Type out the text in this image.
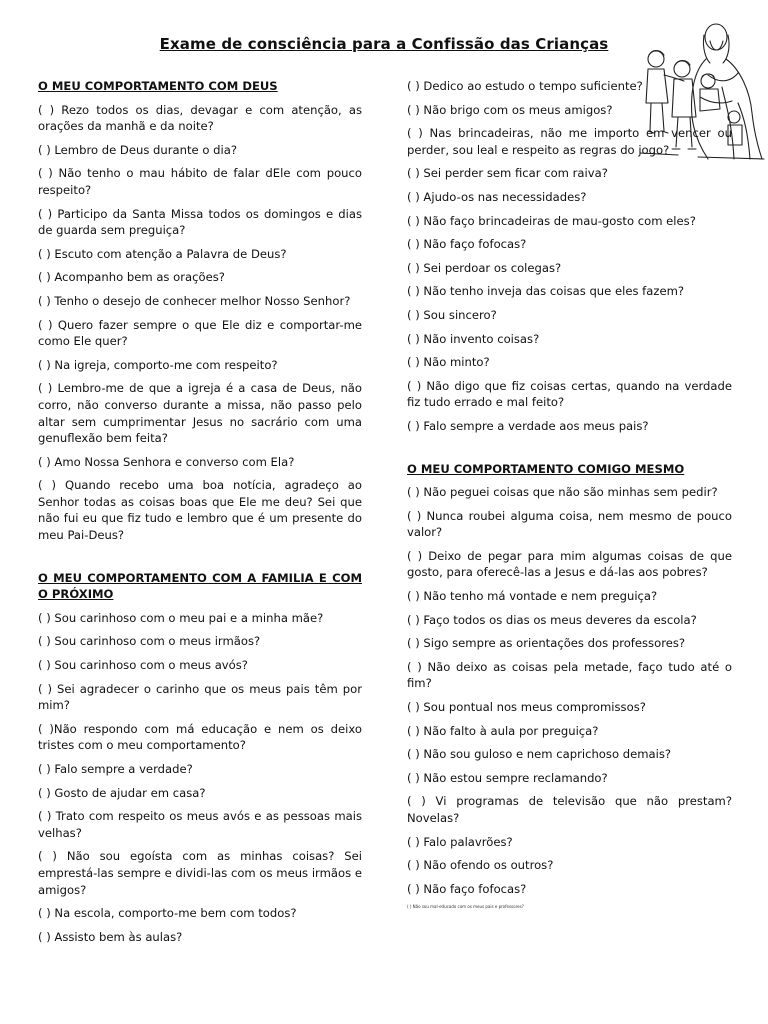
Exame de consciência para a Confissão das Crianças
O MEU COMPORTAMENTO COM DEUS

( ) Rezo todos os dias, devagar e com atenção, as orações da manhã e da noite?

( ) Lembro de Deus durante o dia?

( ) Não tenho o mau hábito de falar dEle com pouco respeito?

( ) Participo da Santa Missa todos os domingos e dias de guarda sem preguiça?

( ) Escuto com atenção a Palavra de Deus?

( ) Acompanho bem as orações?

( ) Tenho o desejo de conhecer melhor Nosso Senhor?

( ) Quero fazer sempre o que Ele diz e comportar-me como Ele quer?

( ) Na igreja, comporto-me com respeito?

( ) Lembro-me de que a igreja é a casa de Deus, não corro, não converso durante a missa, não passo pelo altar sem cumprimentar Jesus no sacrário com uma genuflexão bem feita?

( ) Amo Nossa Senhora e converso com Ela?

( ) Quando recebo uma boa notícia, agradeço ao Senhor todas as coisas boas que Ele me deu? Sei que não fui eu que fiz tudo e lembro que é um presente do meu Pai-Deus?

O MEU COMPORTAMENTO COM A FAMILIA E COM O PRÓXIMO

( ) Sou carinhoso com o meu pai e a minha mãe?

( ) Sou carinhoso com o meus irmãos?

( ) Sou carinhoso com o meus avós?

( ) Sei agradecer o carinho que os meus pais têm por mim?

( )Não respondo com má educação e nem os deixo tristes com o meu comportamento?

( ) Falo sempre a verdade?

( ) Gosto de ajudar em casa?

( ) Trato com respeito os meus avós e as pessoas mais velhas?

( ) Não sou egoísta com as minhas coisas? Sei emprestá-las sempre e dividi-las com os meus irmãos e amigos?

( ) Na escola, comporto-me bem com todos?

( ) Assisto bem às aulas?

( ) Dedico ao estudo o tempo suficiente?

( ) Não brigo com os meus amigos?

( ) Nas brincadeiras, não me importo em vencer ou perder, sou leal e respeito as regras do jogo?

( ) Sei perder sem ficar com raiva?

( ) Ajudo-os nas necessidades?

( ) Não faço brincadeiras de mau-gosto com eles?

( ) Não faço fofocas?

( ) Sei perdoar os colegas?

( ) Não tenho inveja das coisas que eles fazem?

( ) Sou sincero?

( ) Não invento coisas?

( ) Não minto?

( ) Não digo que fiz coisas certas, quando na verdade fiz tudo errado e mal feito?

( ) Falo sempre a verdade aos meus pais?

O MEU COMPORTAMENTO COMIGO MESMO

( ) Não peguei coisas que não são minhas sem pedir?

( ) Nunca roubei alguma coisa, nem mesmo de pouco valor?

( ) Deixo de pegar para mim algumas coisas de que gosto, para oferecê-las a Jesus e dá-las aos pobres?

( ) Não tenho má vontade e nem preguiça?

( ) Faço todos os dias os meus deveres da escola?

( ) Sigo sempre as orientações dos professores?

( ) Não deixo as coisas pela metade, faço tudo até o fim?

( ) Sou pontual nos meus compromissos?

( ) Não falto à aula por preguiça?

( ) Não sou guloso e nem caprichoso demais?

( ) Não estou sempre reclamando?

( ) Vi programas de televisão que não prestam? Novelas?

( ) Falo palavrões?

( ) Não ofendo os outros?

( ) Não faço fofocas?

( ) Não sou mal-educado com os meus pais e professores?
